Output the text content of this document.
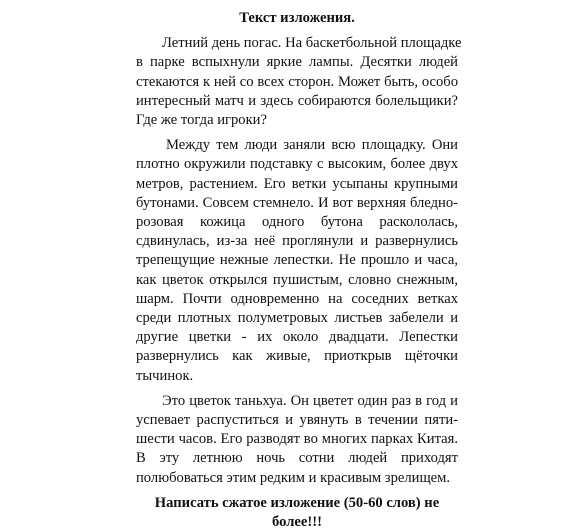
Текст изложения.
Летний день погас. На баскетбольной площадке
в парке вспыхнули яркие лампы. Десятки людей
стекаются к ней со всех сторон. Может быть, особо
интересный матч и здесь собираются болельщики?
Где же тогда игроки?
Между тем люди заняли всю площадку. Они
плотно окружили подставку с высоким, более двух
метров, растением. Его ветки усыпаны крупными
бутонами. Совсем стемнело. И вот верхняя бледно-
розовая кожица одного бутона раскололась,
сдвинулась, из-за неё проглянули и развернулись
трепещущие нежные лепестки. Не прошло и часа,
как цветок открылся пушистым, словно снежным,
шарм. Почти одновременно на соседних ветках
среди плотных полуметровых листьев забелели и
другие цветки - их около двадцати. Лепестки
развернулись как живые, приоткрыв щёточки
тычинок.
Это цветок таньхуа. Он цветет один раз в год и
успевает распуститься и увянуть в течении пяти-
шести часов. Его разводят во многих парках Китая.
В эту летнюю ночь сотни людей приходят
полюбоваться этим редким и красивым зрелищем.
Написать сжатое изложение (50-60 слов) не
более!!!
